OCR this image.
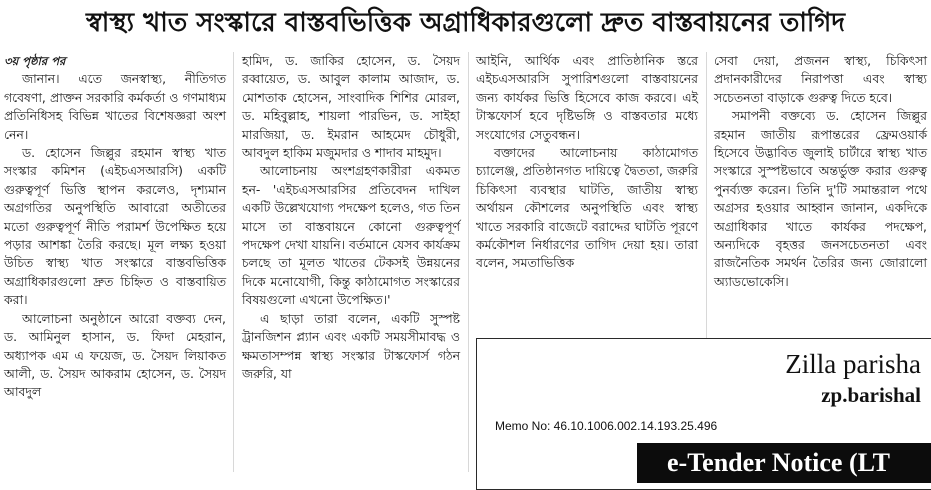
স্বাস্থ্য খাত সংস্কারে বাস্তবভিত্তিক অগ্রাধিকারগুলো দ্রুত বাস্তবায়নের তাগিদ

৩য় পৃষ্ঠার পর

জানান। এতে জনস্বাস্থ্য, নীতিগত গবেষণা, প্রাক্তন সরকারি কর্মকর্তা ও গণমাধ্যম প্রতিনিধিসহ বিভিন্ন খাতের বিশেষজ্ঞরা অংশ নেন।

ড. হোসেন জিল্লুর রহমান স্বাস্থ্য খাত সংস্কার কমিশন (এইচএসআরসি) একটি গুরুত্বপূর্ণ ভিত্তি স্থাপন করলেও, দৃশ্যমান অগ্রগতির অনুপস্থিতি আবারো অতীতের মতো গুরুত্বপূর্ণ নীতি পরামর্শ উপেক্ষিত হয়ে পড়ার আশঙ্কা তৈরি করছে। মূল লক্ষ্য হওয়া উচিত স্বাস্থ্য খাত সংস্কারে বাস্তবভিত্তিক অগ্রাধিকারগুলো দ্রুত চিহ্নিত ও বাস্তবায়িত করা।

আলোচনা অনুষ্ঠানে আরো বক্তব্য দেন, ড. আমিনুল হাসান, ড. ফিদা মেহরান, অধ্যাপক এম এ ফয়েজ, ড. সৈয়দ লিয়াকত আলী, ড. সৈয়দ আকরাম হোসেন, ড. সৈয়দ আবদুল

হামিদ, ড. জাকির হোসেন, ড. সৈয়দ রব্বায়েত, ড. আবুল কালাম আজাদ, ড. মোশতাক হোসেন, সাংবাদিক শিশির মোরল, ড. মহিবুল্লাহ, শায়লা পারভিন, ড. সাইহা মারজিয়া, ড. ইমরান আহমেদ চৌধুরী, আবদুল হাকিম মজুমদার ও শাদাব মাহমুদ।

আলোচনায় অংশগ্রহণকারীরা একমত হন- 'এইচএসআরসির প্রতিবেদন দাখিল একটি উল্লেখযোগ্য পদক্ষেপ হলেও, গত তিন মাসে তা বাস্তবায়নে কোনো গুরুত্বপূর্ণ পদক্ষেপ দেখা যায়নি। বর্তমানে যেসব কার্যক্রম চলছে তা মূলত খাতের টেকসই উন্নয়নের দিকে মনোযোগী, কিন্তু কাঠামোগত সংস্কারের বিষয়গুলো এখনো উপেক্ষিত।'

এ ছাড়া তারা বলেন, একটি সুস্পষ্ট ট্রানজিশন প্ল্যান এবং একটি সময়সীমাবদ্ধ ও ক্ষমতাসম্পন্ন স্বাস্থ্য সংস্কার টাস্কফোর্স গঠন জরুরি, যা

আইনি, আর্থিক এবং প্রাতিষ্ঠানিক স্তরে এইচএসআরসি সুপারিশগুলো বাস্তবায়নের জন্য কার্যকর ভিত্তি হিসেবে কাজ করবে। এই টাস্কফোর্স হবে দৃষ্টিভঙ্গি ও বাস্তবতার মধ্যে সংযোগের সেতুবন্ধন।

বক্তাদের আলোচনায় কাঠামোগত চ্যালেঞ্জ, প্রতিষ্ঠানগত দায়িত্বে দ্বৈততা, জরুরি চিকিৎসা ব্যবস্থার ঘাটতি, জাতীয় স্বাস্থ্য অর্থায়ন কৌশলের অনুপস্থিতি এবং স্বাস্থ্য খাতে সরকারি বাজেটে বরাদ্দের ঘাটতি পূরণে কর্মকৌশল নির্ধারণের তাগিদ দেয়া হয়। তারা বলেন, সমতাভিত্তিক

সেবা দেয়া, প্রজনন স্বাস্থ্য, চিকিৎসা প্রদানকারীদের নিরাপত্তা এবং স্বাস্থ্য সচেতনতা বাড়াকে গুরুত্ব দিতে হবে।

সমাপনী বক্তব্যে ড. হোসেন জিল্লুর রহমান জাতীয় রূপান্তরের ফ্রেমওয়ার্ক হিসেবে উদ্ভাবিত জুলাই চার্টারে স্বাস্থ্য খাত সংস্কারে সুস্পষ্টভাবে অন্তর্ভুক্ত করার গুরুত্ব পুনর্ব্যক্ত করেন। তিনি দু'টি সমান্তরাল পথে অগ্রসর হওয়ার আহ্বান জানান, একদিকে অগ্রাধিকার খাতে কার্যকর পদক্ষেপ, অন্যদিকে বৃহত্তর জনসচেতনতা এবং রাজনৈতিক সমর্থন তৈরির জন্য জোরালো অ্যাডভোকেসি।

Zilla parisha
zp.barishal
Memo No: 46.10.1006.002.14.193.25.496
e-Tender Notice (LT
